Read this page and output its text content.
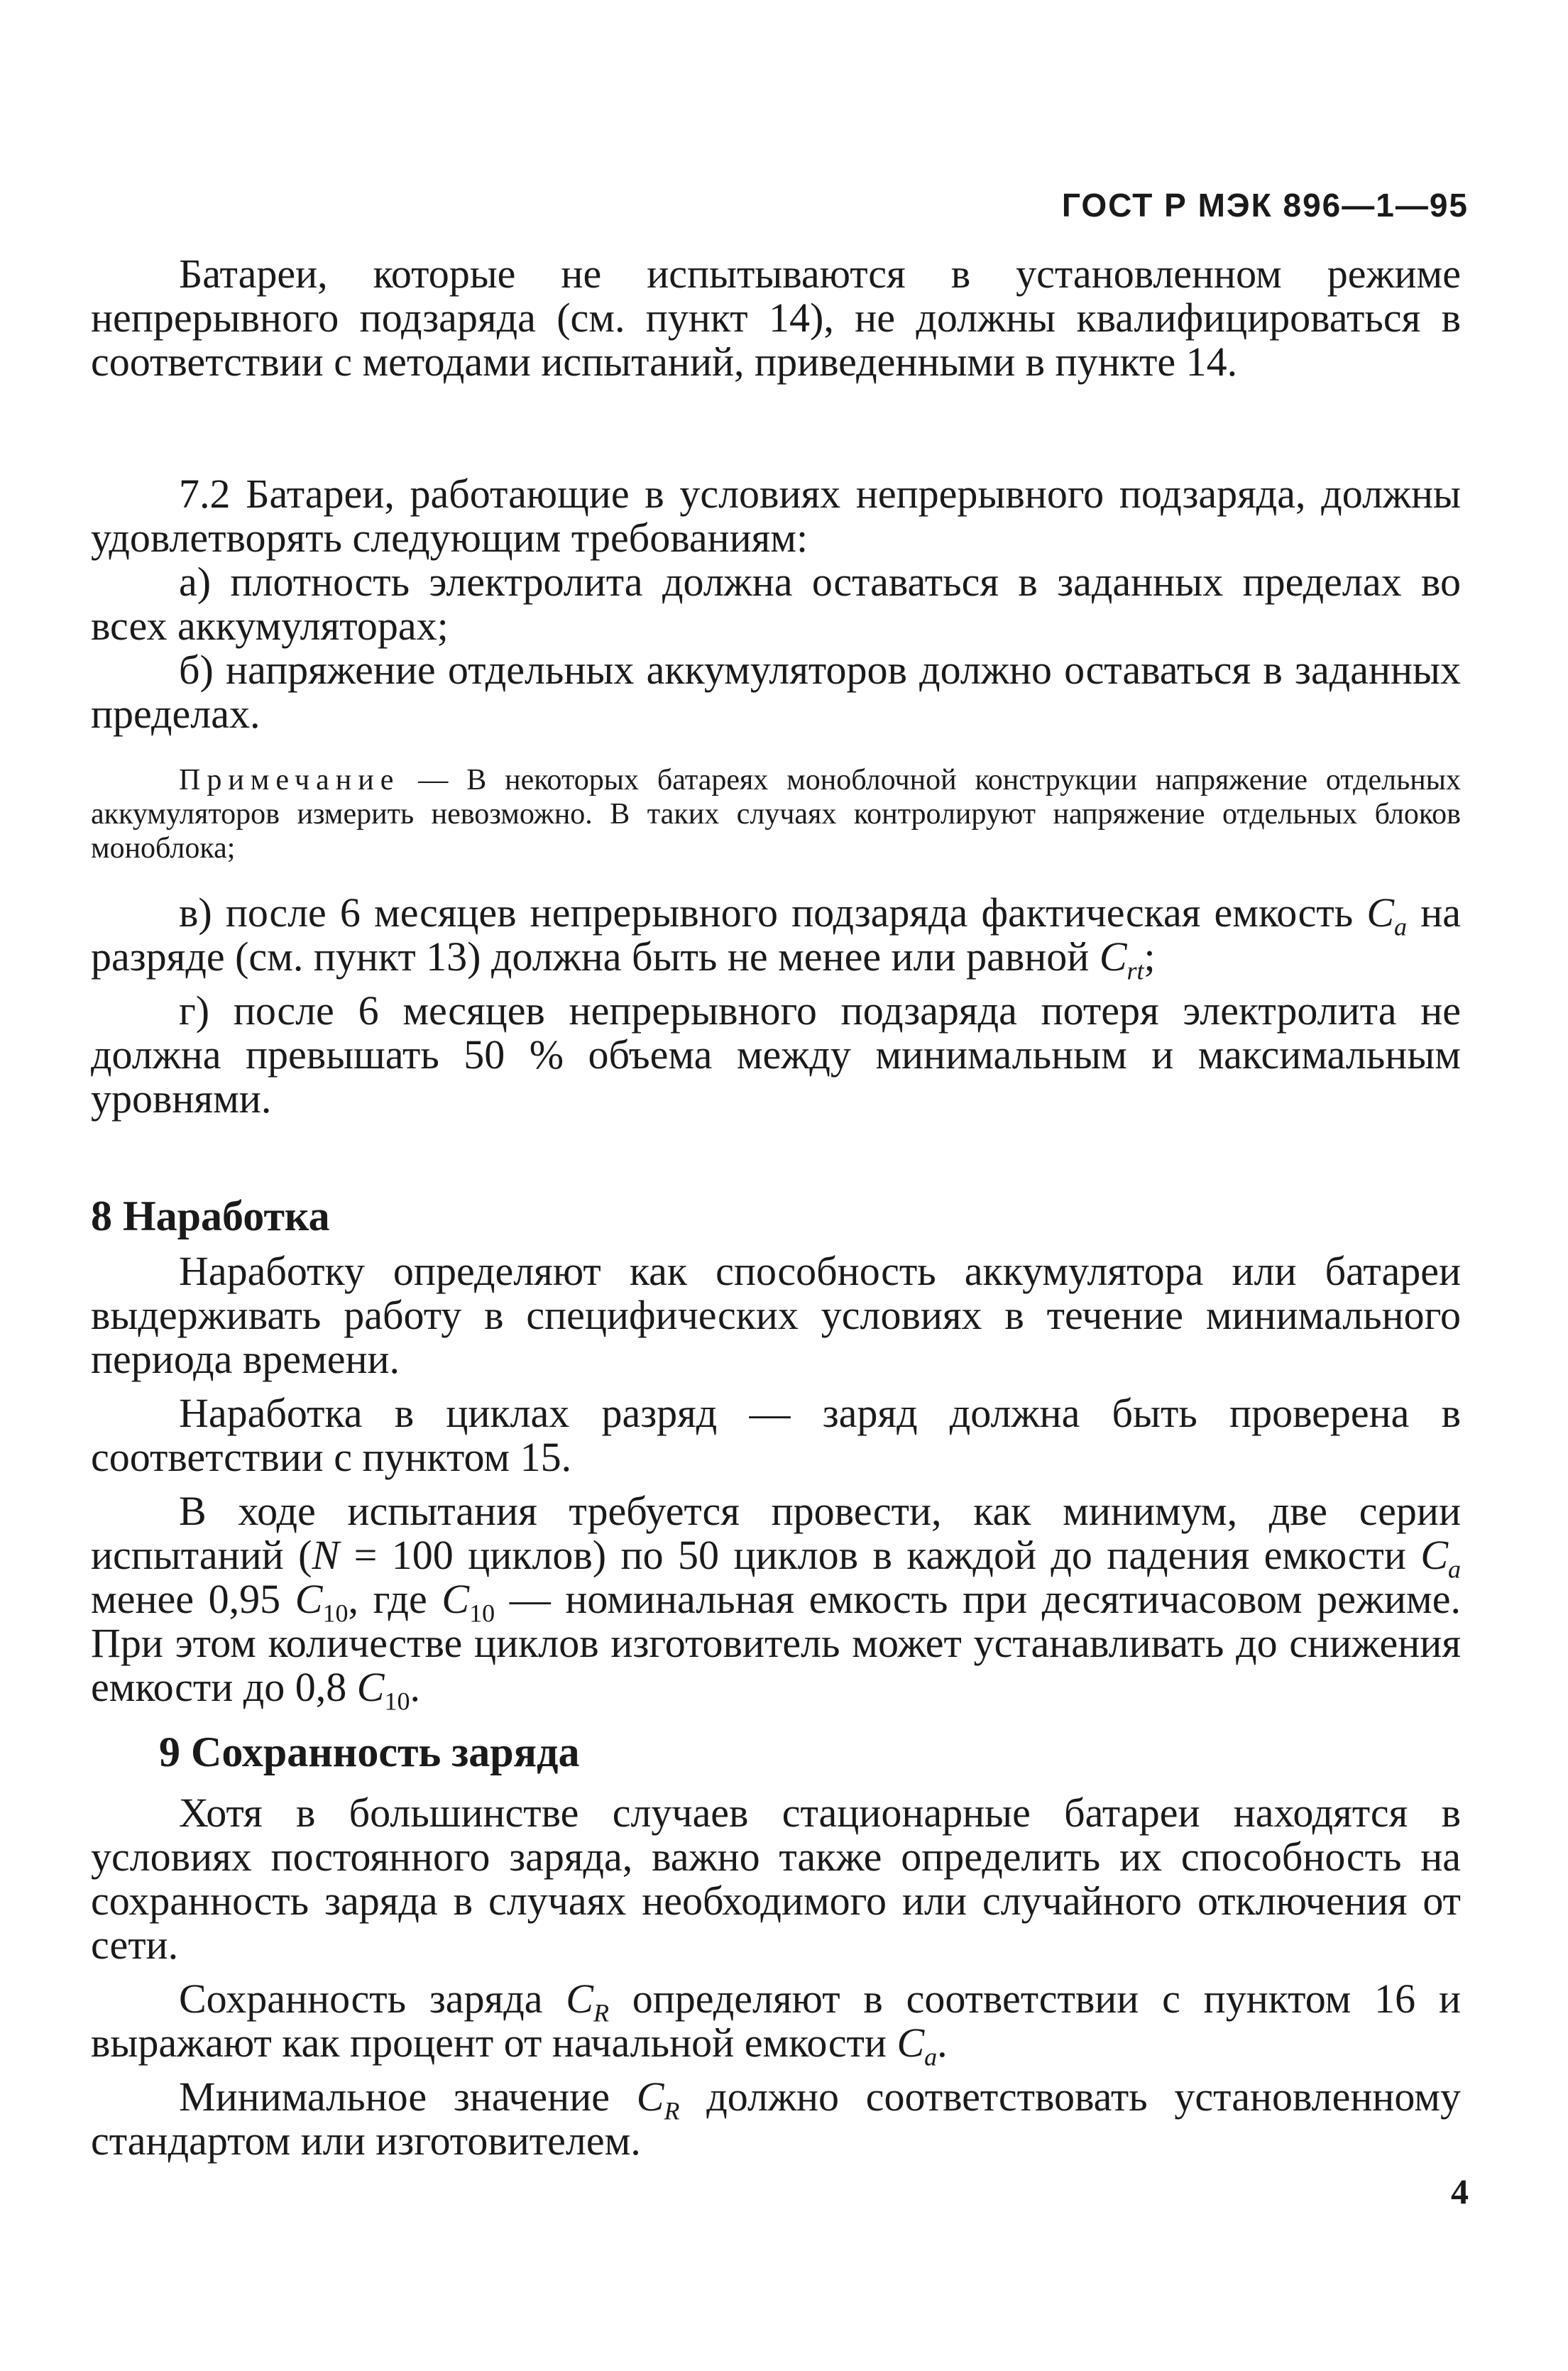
ГОСТ Р МЭК 896—1—95

Батареи, которые не испытываются в установленном режиме непрерывного подзаряда (см. пункт 14), не должны квалифицироваться в соответствии с методами испытаний, приведенными в пункте 14.

7.2 Батареи, работающие в условиях непрерывного подзаряда, должны удовлетворять следующим требованиям:

а) плотность электролита должна оставаться в заданных пределах во всех аккумуляторах;

б) напряжение отдельных аккумуляторов должно оставаться в заданных пределах.

Примечание — В некоторых батареях моноблочной конструкции напряжение отдельных аккумуляторов измерить невозможно. В таких случаях контролируют напряжение отдельных блоков моноблока;

в) после 6 месяцев непрерывного подзаряда фактическая емкость $C_a$ на разряде (см. пункт 13) должна быть не менее или равной $C_{rt}$;

г) после 6 месяцев непрерывного подзаряда потеря электролита не должна превышать 50 % объема между минимальным и максимальным уровнями.

8 Наработка

Наработку определяют как способность аккумулятора или батареи выдерживать работу в специфических условиях в течение минимального периода времени.

Наработка в циклах разряд — заряд должна быть проверена в соответствии с пунктом 15.

В ходе испытания требуется провести, как минимум, две серии испытаний (N = 100 циклов) по 50 циклов в каждой до падения емкости $C_a$ менее 0,95 $C_{10}$, где $C_{10}$ — номинальная емкость при десятичасовом режиме. При этом количестве циклов изготовитель может устанавливать до снижения емкости до 0,8 $C_{10}$.

9 Сохранность заряда

Хотя в большинстве случаев стационарные батареи находятся в условиях постоянного заряда, важно также определить их способность на сохранность заряда в случаях необходимого или случайного отключения от сети.

Сохранность заряда $C_R$ определяют в соответствии с пунктом 16 и выражают как процент от начальной емкости $C_a$.

Минимальное значение $C_R$ должно соответствовать установленному стандартом или изготовителем.

4
